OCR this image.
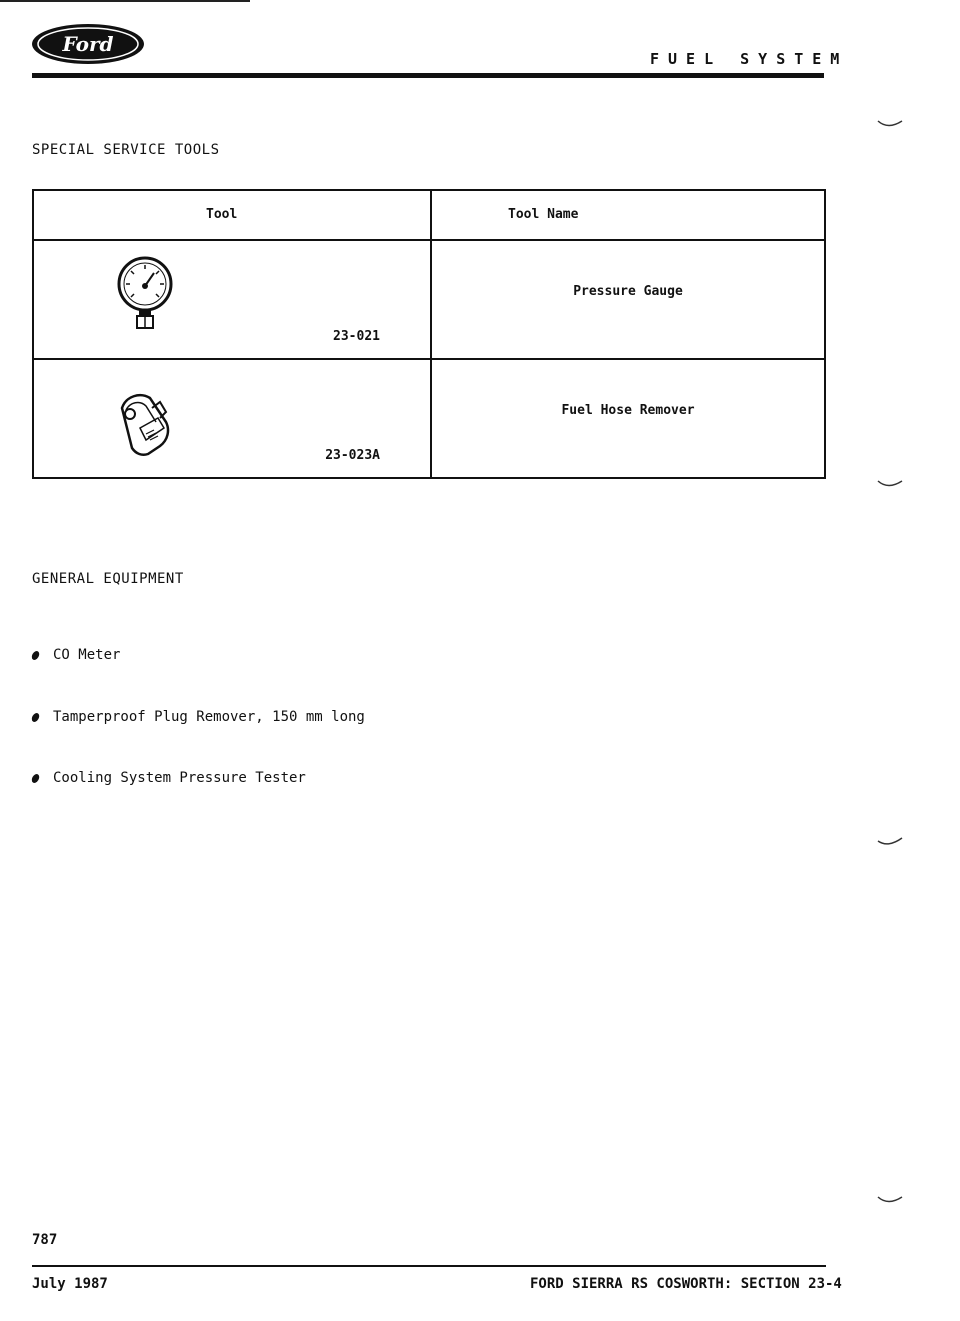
Ford
FUEL SYSTEM
SPECIAL SERVICE TOOLS
Tool	Tool Name

23-021	Pressure Gauge

23-023A	Fuel Hose Remover
GENERAL EQUIPMENT
CO Meter
Tamperproof Plug Remover, 150 mm long
Cooling System Pressure Tester
787
July 1987	FORD SIERRA RS COSWORTH: SECTION 23-4
